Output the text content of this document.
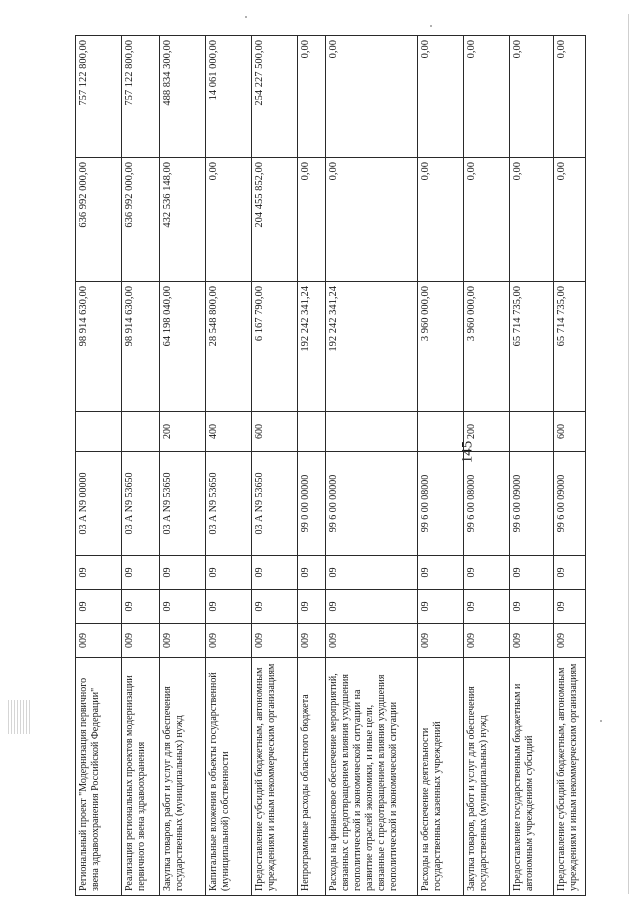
145
Региональный проект "Модернизация первичного звена здравоохранения Российской Федерации"	009	09	09	03 А N9 00000		98 914 630,00	636 992 000,00	757 122 800,00
Реализация региональных проектов модернизации первичного звена здравоохранения	009	09	09	03 А N9 53650		98 914 630,00	636 992 000,00	757 122 800,00
Закупка товаров, работ и услуг для обеспечения государственных (муниципальных) нужд	009	09	09	03 А N9 53650	200	64 198 040,00	432 536 148,00	488 834 300,00
Капитальные вложения в объекты государственной (муниципальной) собственности	009	09	09	03 А N9 53650	400	28 548 800,00	0,00	14 061 000,00
Предоставление субсидий бюджетным, автономным учреждениям и иным некоммерческим организациям	009	09	09	03 А N9 53650	600	6 167 790,00	204 455 852,00	254 227 500,00
Непрограммные расходы областного бюджета	009	09	09	99 0 00 00000		192 242 341,24	0,00	0,00
Расходы на финансовое обеспечение мероприятий, связанных с предотвращением влияния ухудшения геополитической и экономической ситуации на развитие отраслей экономики, и иные цели, связанные с предотвращением влияния ухудшения геополитической и экономической ситуации	009	09	09	99 6 00 00000		192 242 341,24	0,00	0,00
Расходы на обеспечение деятельности государственных казенных учреждений	009	09	09	99 6 00 08000		3 960 000,00	0,00	0,00
Закупка товаров, работ и услуг для обеспечения государственных (муниципальных) нужд	009	09	09	99 6 00 08000	200	3 960 000,00	0,00	0,00
Предоставление государственным бюджетным и автономным учреждениям субсидий	009	09	09	99 6 00 09000		65 714 735,00	0,00	0,00
Предоставление субсидий бюджетным, автономным учреждениям и иным некоммерческим организациям	009	09	09	99 6 00 09000	600	65 714 735,00	0,00	0,00
